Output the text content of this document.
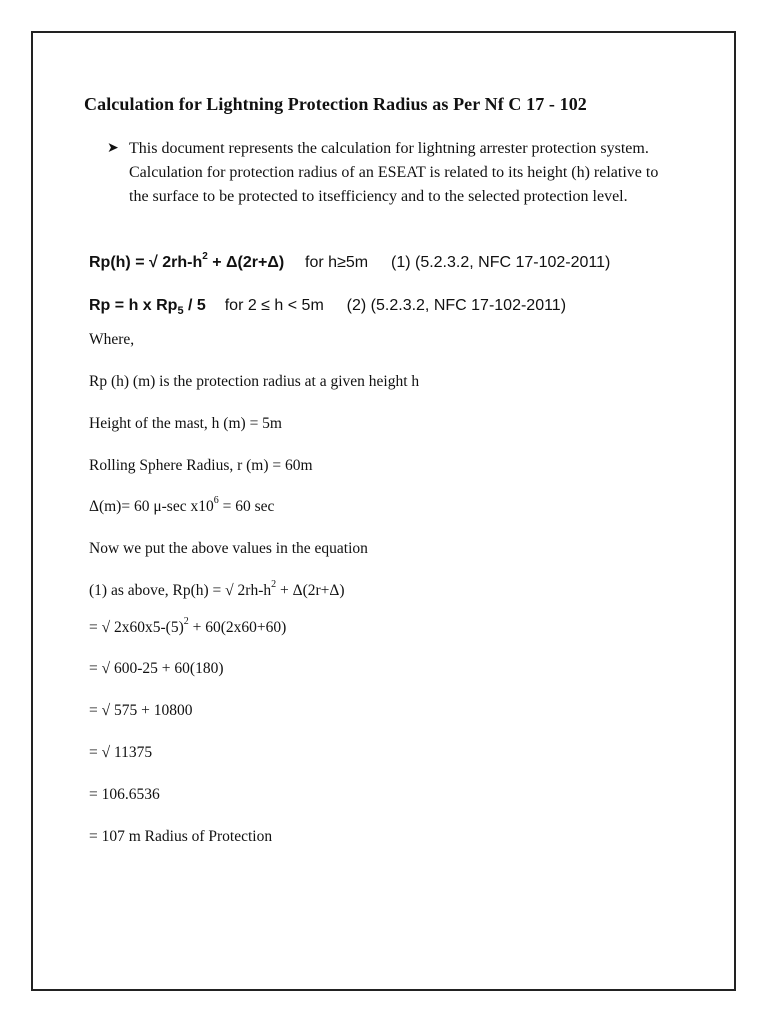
Calculation for Lightning Protection Radius as Per Nf C 17 - 102
➤ This document represents the calculation for lightning arrester protection system. Calculation for protection radius of an ESEAT is related to its height (h) relative to the surface to be protected to itsefficiency and to the selected protection level.
Rp(h) = √ $2rh-h^2 + \Delta(2r+\Delta)$ for h≥5m (1) (5.2.3.2, NFC 17-102-2011)
Rp = h x $Rp_5 / 5$ for 2 ≤ h < 5m (2) (5.2.3.2, NFC 17-102-2011)
Where,
Rp (h) (m) is the protection radius at a given height h
Height of the mast, h (m) = 5m
Rolling Sphere Radius, r (m) = 60m
Δ(m)= 60 μ-sec $x10^6 = 60$ sec
Now we put the above values in the equation
(1) as above, Rp(h) = √ $2rh-h^2 + \Delta(2r+\Delta)$
= √ $2x60x5-(5)^2 + 60(2x60+60)$
= √ 600-25 + 60(180)
= √ 575 + 10800
= √ 11375
= 106.6536
= 107 m Radius of Protection
